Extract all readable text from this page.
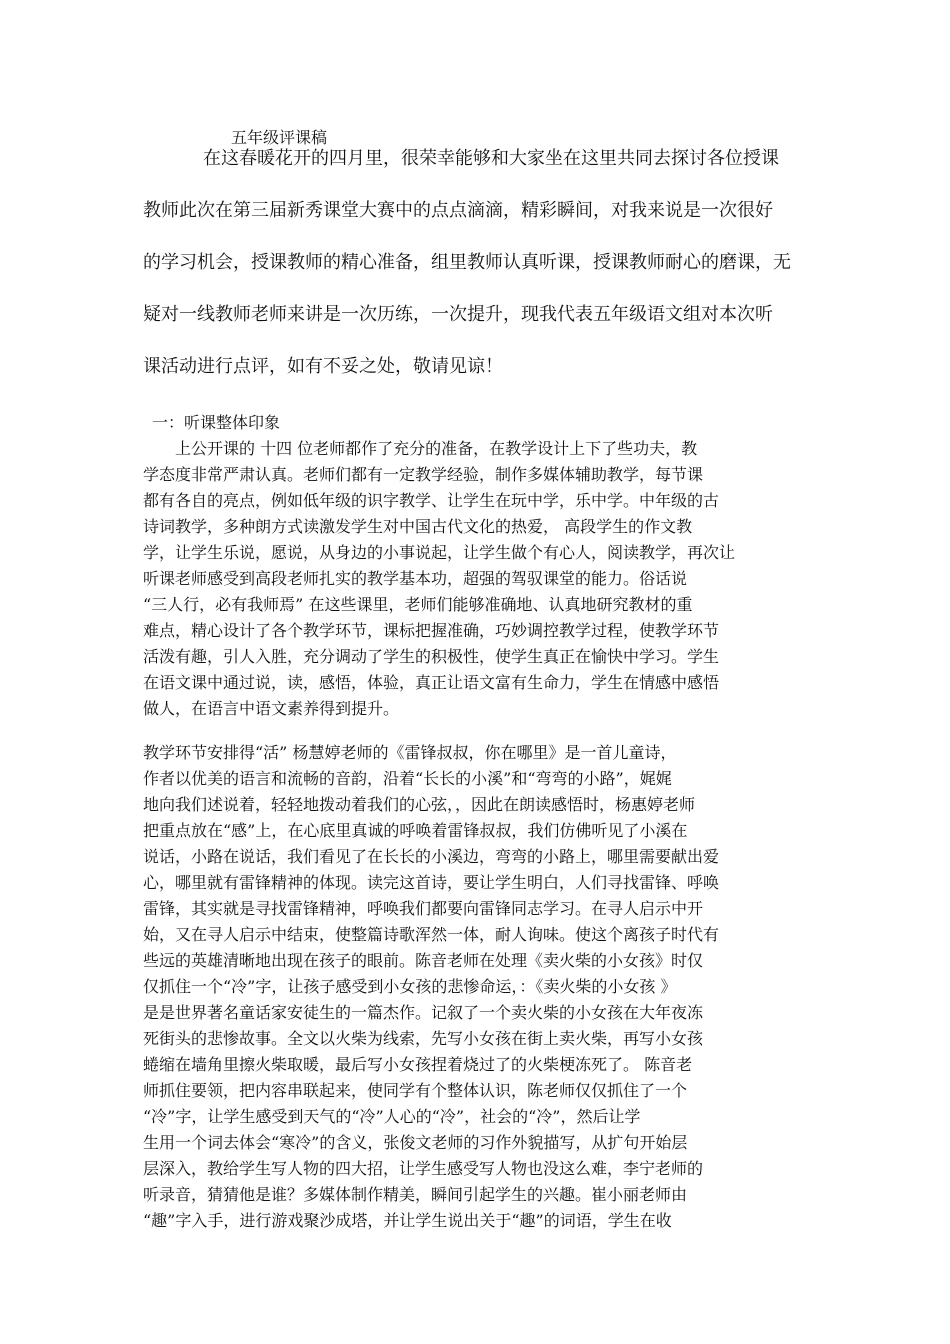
五年级评课稿
在这春暖花开的四月里，很荣幸能够和大家坐在这里共同去探讨各位授课
教师此次在第三届新秀课堂大赛中的点点滴滴，精彩瞬间，对我来说是一次很好
的学习机会，授课教师的精心准备，组里教师认真听课，授课教师耐心的磨课，无
疑对一线教师老师来讲是一次历练，一次提升，现我代表五年级语文组对本次听
课活动进行点评，如有不妥之处，敬请见谅！
一：听课整体印象
上公开课的 十四 位老师都作了充分的准备，在教学设计上下了些功夫，教
学态度非常严肃认真。老师们都有一定教学经验，制作多媒体辅助教学，每节课
都有各自的亮点，例如低年级的识字教学、让学生在玩中学，乐中学。中年级的古
诗词教学，多种朗方式读激发学生对中国古代文化的热爱， 高段学生的作文教
学，让学生乐说，愿说，从身边的小事说起，让学生做个有心人，阅读教学，再次让
听课老师感受到高段老师扎实的教学基本功，超强的驾驭课堂的能力。俗话说
“三人行，必有我师焉” 在这些课里，老师们能够准确地、认真地研究教材的重
难点，精心设计了各个教学环节，课标把握准确，巧妙调控教学过程，使教学环节
活泼有趣，引人入胜，充分调动了学生的积极性，使学生真正在愉快中学习。学生
在语文课中通过说，读，感悟，体验，真正让语文富有生命力，学生在情感中感悟
做人，在语言中语文素养得到提升。
教学环节安排得“活” 杨慧婷老师的《雷锋叔叔，你在哪里》是一首儿童诗，
作者以优美的语言和流畅的音韵，沿着“长长的小溪”和“弯弯的小路”，娓娓
地向我们述说着，轻轻地拨动着我们的心弦，，因此在朗读感悟时，杨惠婷老师
把重点放在“感”上，在心底里真诚的呼唤着雷锋叔叔，我们仿佛听见了小溪在
说话，小路在说话，我们看见了在长长的小溪边，弯弯的小路上，哪里需要献出爱
心，哪里就有雷锋精神的体现。读完这首诗，要让学生明白，人们寻找雷锋、呼唤
雷锋，其实就是寻找雷锋精神，呼唤我们都要向雷锋同志学习。在寻人启示中开
始，又在寻人启示中结束，使整篇诗歌浑然一体，耐人询味。使这个离孩子时代有
些远的英雄清晰地出现在孩子的眼前。陈音老师在处理《卖火柴的小女孩》时仅
仅抓住一个“冷”字，让孩子感受到小女孩的悲惨命运，：《卖火柴的小女孩 》
是是世界著名童话家安徒生的一篇杰作。记叙了一个卖火柴的小女孩在大年夜冻
死街头的悲惨故事。全文以火柴为线索，先写小女孩在街上卖火柴，再写小女孩
蜷缩在墙角里擦火柴取暖，最后写小女孩捏着烧过了的火柴梗冻死了。 陈音老
师抓住要领，把内容串联起来，使同学有个整体认识，陈老师仅仅抓住了一个
“冷”字，让学生感受到天气的“冷”人心的“冷”，社会的“冷”，然后让学
生用一个词去体会“寒冷”的含义，张俊文老师的习作外貌描写，从扩句开始层
层深入，教给学生写人物的四大招，让学生感受写人物也没这么难，李宁老师的
听录音，猜猜他是谁？多媒体制作精美，瞬间引起学生的兴趣。崔小丽老师由
“趣”字入手，进行游戏聚沙成塔，并让学生说出关于“趣”的词语，学生在收
